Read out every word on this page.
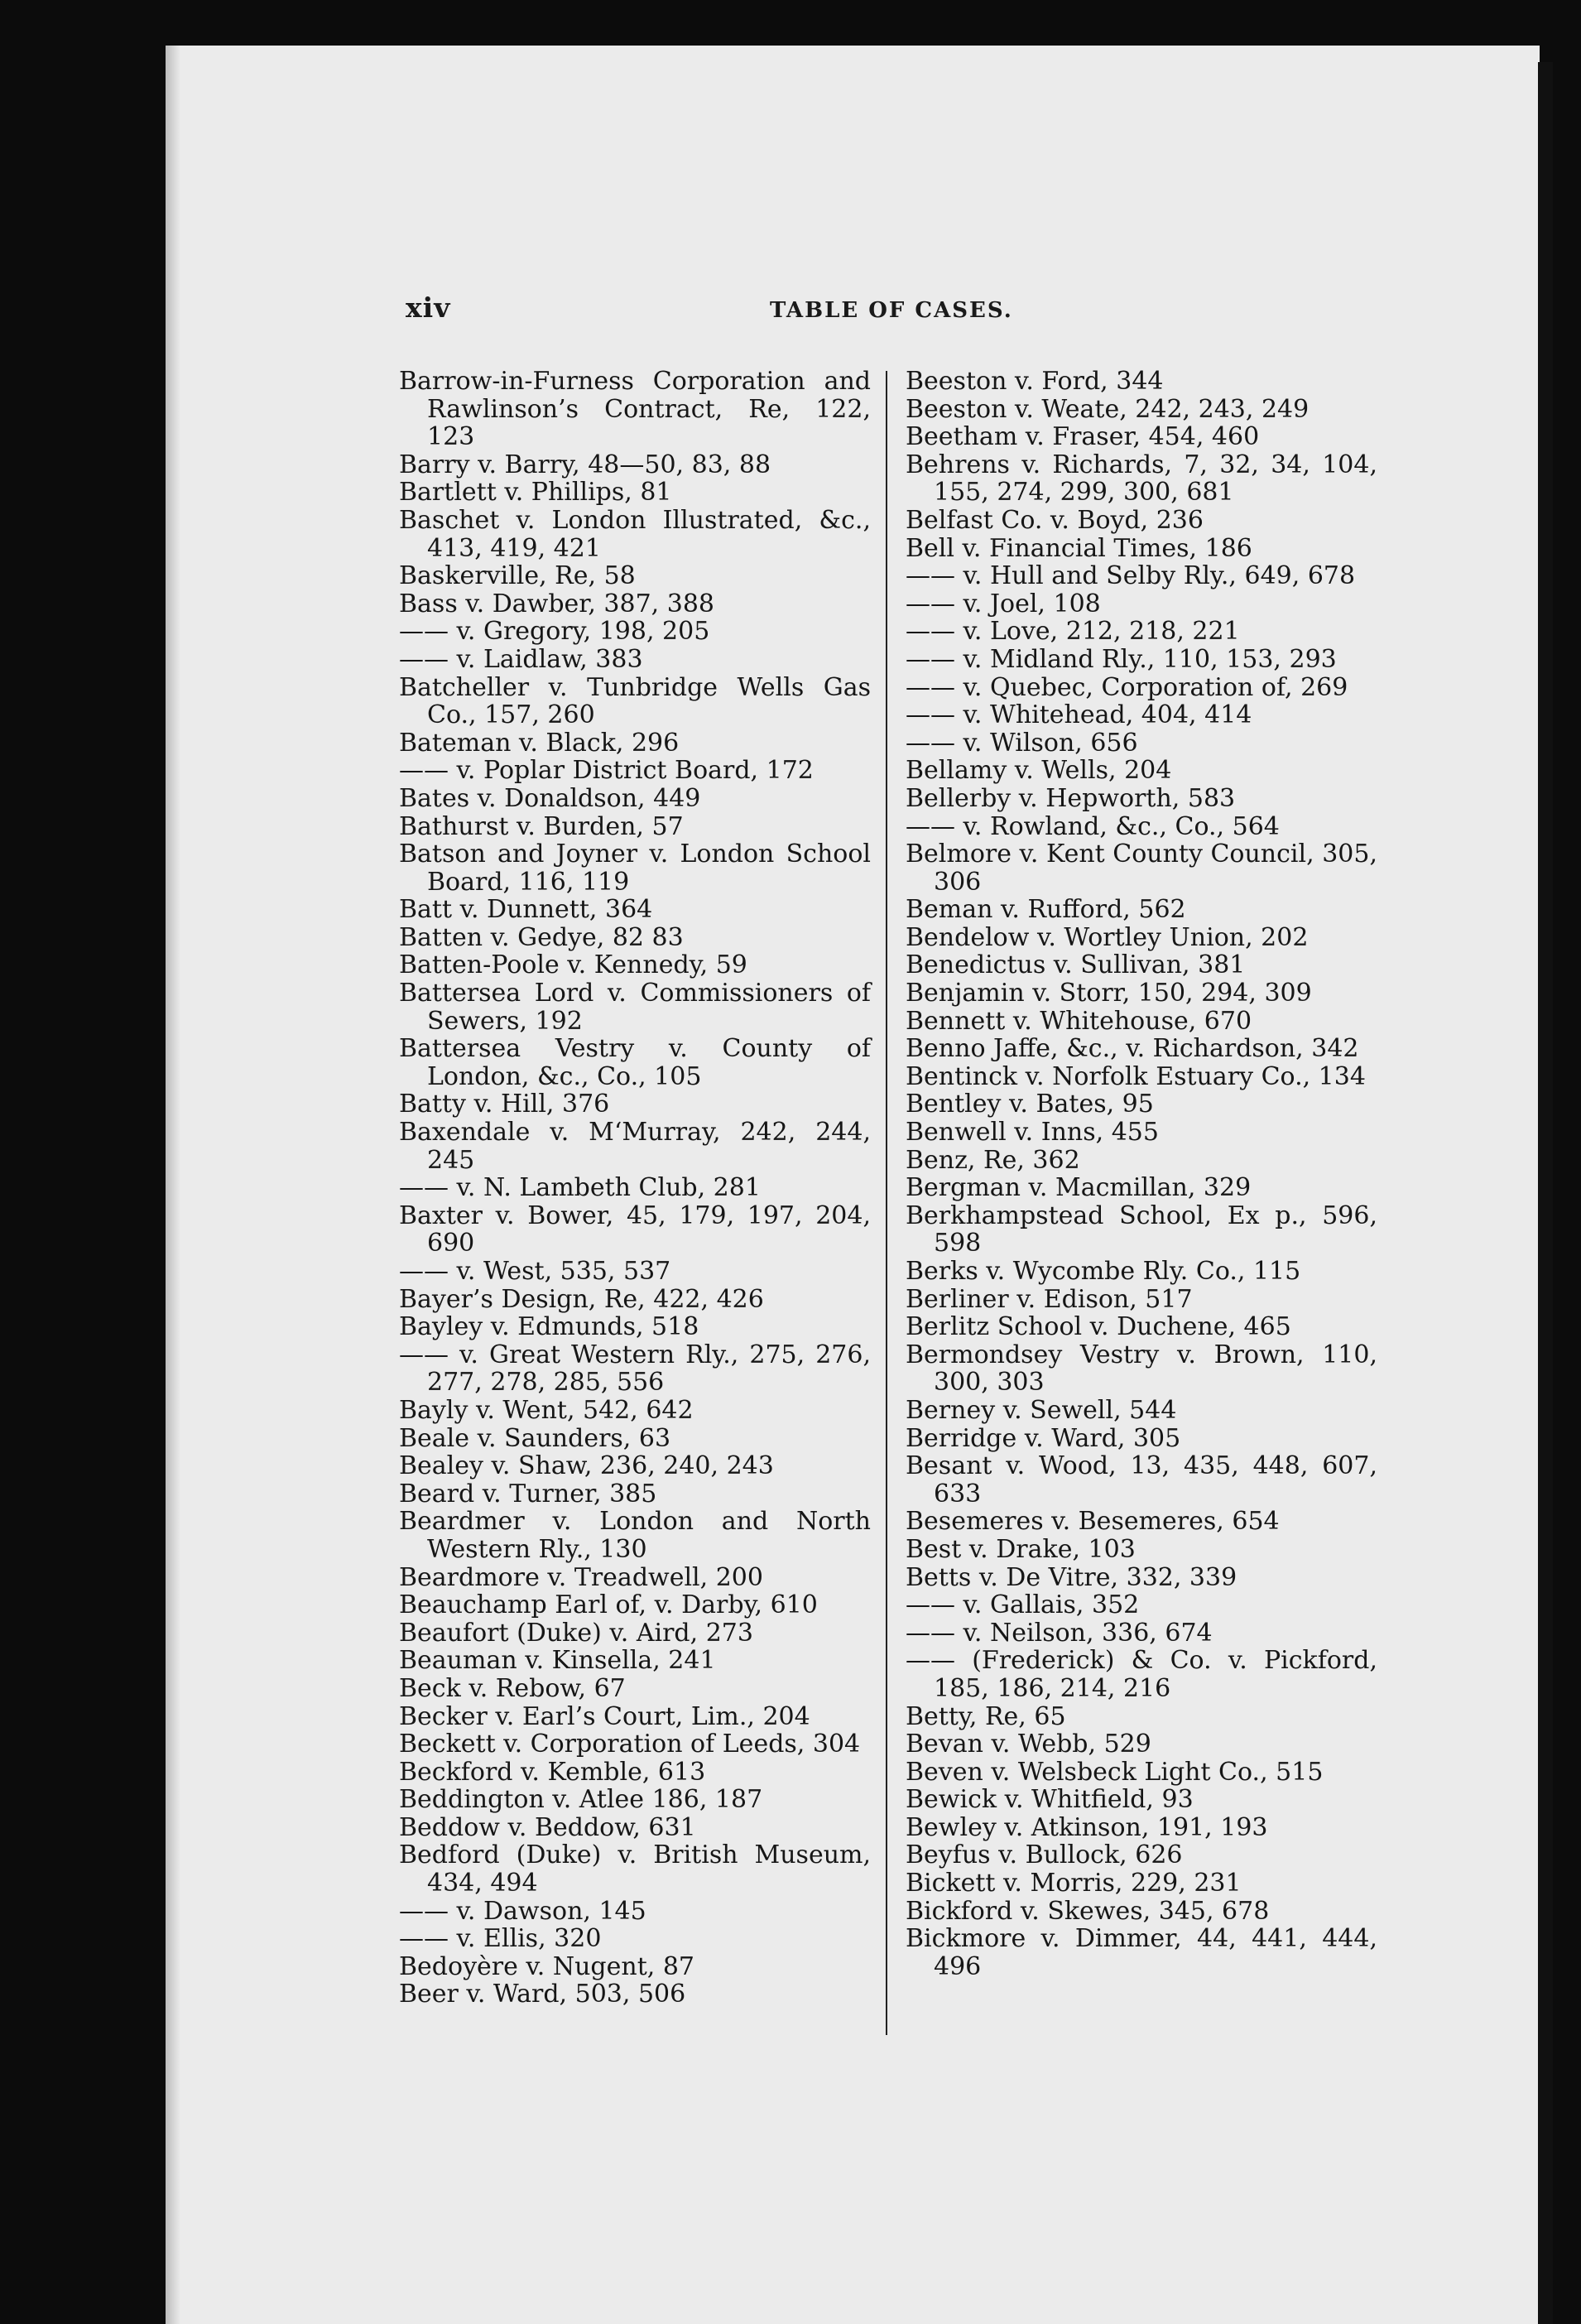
xiv	TABLE OF CASES.

Barrow-in-Furness Corporation and Rawlinson’s Contract, Re, 122, 123

Barry v. Barry, 48—50, 83, 88

Bartlett v. Phillips, 81

Baschet v. London Illustrated, &c., 413, 419, 421

Baskerville, Re, 58

Bass v. Dawber, 387, 388

—— v. Gregory, 198, 205

—— v. Laidlaw, 383

Batcheller v. Tunbridge Wells Gas Co., 157, 260

Bateman v. Black, 296

—— v. Poplar District Board, 172

Bates v. Donaldson, 449

Bathurst v. Burden, 57

Batson and Joyner v. London School Board, 116, 119

Batt v. Dunnett, 364

Batten v. Gedye, 82 83

Batten-Poole v. Kennedy, 59

Battersea Lord v. Commissioners of Sewers, 192

Battersea Vestry v. County of London, &c., Co., 105

Batty v. Hill, 376

Baxendale v. M‘Murray, 242, 244, 245

—— v. N. Lambeth Club, 281

Baxter v. Bower, 45, 179, 197, 204, 690

—— v. West, 535, 537

Bayer’s Design, Re, 422, 426

Bayley v. Edmunds, 518

—— v. Great Western Rly., 275, 276, 277, 278, 285, 556

Bayly v. Went, 542, 642

Beale v. Saunders, 63

Bealey v. Shaw, 236, 240, 243

Beard v. Turner, 385

Beardmer v. London and North Western Rly., 130

Beardmore v. Treadwell, 200

Beauchamp Earl of, v. Darby, 610

Beaufort (Duke) v. Aird, 273

Beauman v. Kinsella, 241

Beck v. Rebow, 67

Becker v. Earl’s Court, Lim., 204

Beckett v. Corporation of Leeds, 304

Beckford v. Kemble, 613

Beddington v. Atlee 186, 187

Beddow v. Beddow, 631

Bedford (Duke) v. British Museum, 434, 494

—— v. Dawson, 145

—— v. Ellis, 320

Bedoyère v. Nugent, 87

Beer v. Ward, 503, 506

Beeston v. Ford, 344

Beeston v. Weate, 242, 243, 249

Beetham v. Fraser, 454, 460

Behrens v. Richards, 7, 32, 34, 104, 155, 274, 299, 300, 681

Belfast Co. v. Boyd, 236

Bell v. Financial Times, 186

—— v. Hull and Selby Rly., 649, 678

—— v. Joel, 108

—— v. Love, 212, 218, 221

—— v. Midland Rly., 110, 153, 293

—— v. Quebec, Corporation of, 269

—— v. Whitehead, 404, 414

—— v. Wilson, 656

Bellamy v. Wells, 204

Bellerby v. Hepworth, 583

—— v. Rowland, &c., Co., 564

Belmore v. Kent County Council, 305, 306

Beman v. Rufford, 562

Bendelow v. Wortley Union, 202

Benedictus v. Sullivan, 381

Benjamin v. Storr, 150, 294, 309

Bennett v. Whitehouse, 670

Benno Jaffe, &c., v. Richardson, 342

Bentinck v. Norfolk Estuary Co., 134

Bentley v. Bates, 95

Benwell v. Inns, 455

Benz, Re, 362

Bergman v. Macmillan, 329

Berkhampstead School, Ex p., 596, 598

Berks v. Wycombe Rly. Co., 115

Berliner v. Edison, 517

Berlitz School v. Duchene, 465

Bermondsey Vestry v. Brown, 110, 300, 303

Berney v. Sewell, 544

Berridge v. Ward, 305

Besant v. Wood, 13, 435, 448, 607, 633

Besemeres v. Besemeres, 654

Best v. Drake, 103

Betts v. De Vitre, 332, 339

—— v. Gallais, 352

—— v. Neilson, 336, 674

—— (Frederick) & Co. v. Pickford, 185, 186, 214, 216

Betty, Re, 65

Bevan v. Webb, 529

Beven v. Welsbeck Light Co., 515

Bewick v. Whitfield, 93

Bewley v. Atkinson, 191, 193

Beyfus v. Bullock, 626

Bickett v. Morris, 229, 231

Bickford v. Skewes, 345, 678

Bickmore v. Dimmer, 44, 441, 444, 496
